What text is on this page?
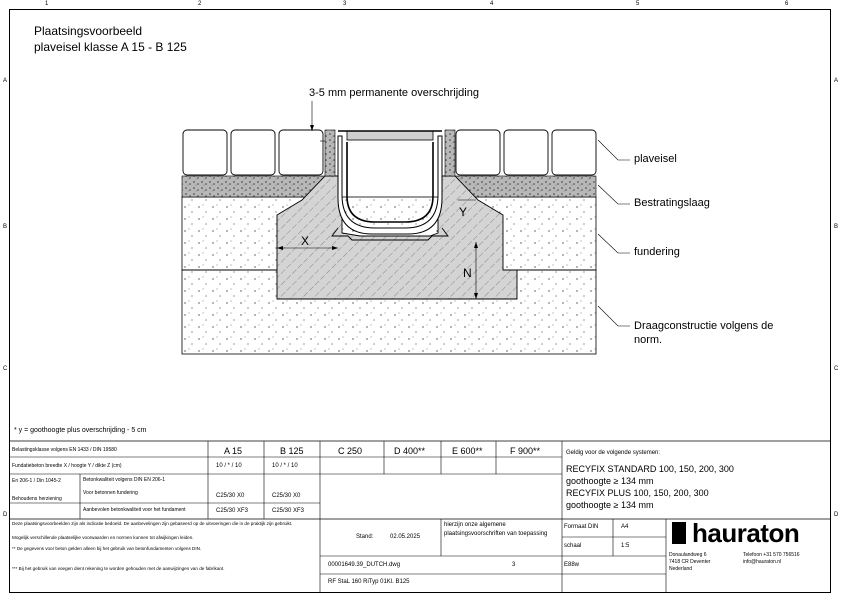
1	2	3	4	5	6
A
B
C
D
A
B
C
D
Plaatsingsvoorbeeld
plaveisel klasse A 15 - B 125
X
N
Y
3-5 mm permanente overschrijding
plaveisel
Bestratingslaag
fundering
Draagconstructie volgens de
norm.
* y = goothoogte plus overschrijding - 5 cm
Belastingsklasse volgens EN 1433 / DIN 19580	A 15	B 125	C 250	D 400**	E 600**	F 900**
Fundatiebeton breedte X / hoogte Y / dikte Z (cm)	10 / * / 10	10 / * / 10
En 206-1 / Din 1045-2
Behoudens herziening
Betonkwaliteit volgens DIN EN 206-1
Voor betonnen fundering	C25/30 X0	C25/30 X0
Aanbevolen betonkwaliteit voor het fundament	C25/30 XF3	C25/30 XF3
Geldig voor de volgende systemen:
RECYFIX STANDARD 100, 150, 200, 300
goothoogte ≥ 134 mm
RECYFIX PLUS 100, 150, 200, 300
goothoogte ≥ 134 mm
Deze plaatsingsvoorbeelden zijn als indicatie bedoeld. De aanbevelingen zijn gebaseerd op de uitvoeringen die in de praktijk zijn gebruikt.
Mogelijk verschillende plaatselijke voorwaarden en normen kunnen tot afwijkingen leiden.
** De gegevens voor beton gelden alleen bij het gebruik van betonfundamenten volgens DIN.
*** Bij het gebruik van voegen dient rekening te worden gehouden met de aanwijzingen van de fabrikant.
Stand:	02.05.2025
hierzijn onze algemene
plaatsingsvoorschriften van toepassing
Formaat DIN	A4
schaal	1:5
00001649.39_DUTCH.dwg	3	E88w
RF StaL 160 RiTyp 01Kl. B125
hauraton
Donaulandweg 6
7418 CR Deventer
Nederland
Telefoon +31 570 756516
info@hauraton.nl
